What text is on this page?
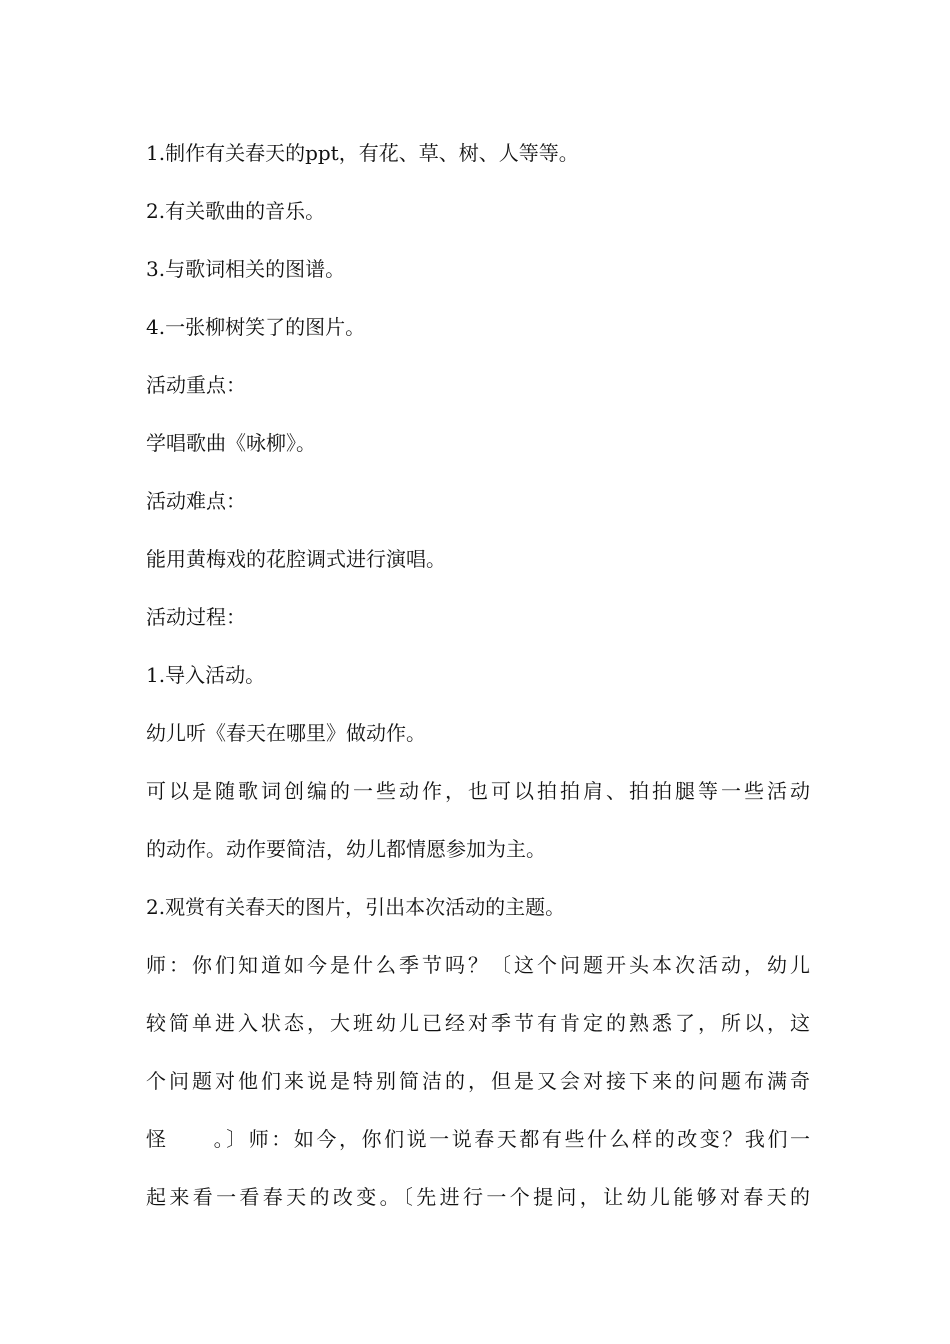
1.制作有关春天的ppt，有花、草、树、人等等。
2.有关歌曲的音乐。
3.与歌词相关的图谱。
4.一张柳树笑了的图片。
活动重点：
学唱歌曲《咏柳》。
活动难点：
能用黄梅戏的花腔调式进行演唱。
活动过程：
1.导入活动。
幼儿听《春天在哪里》做动作。
可以是随歌词创编的一些动作，也可以拍拍肩、拍拍腿等一些活动
的动作。动作要简洁，幼儿都情愿参加为主。
2.观赏有关春天的图片，引出本次活动的主题。
师：你们知道如今是什么季节吗？〔这个问题开头本次活动，幼儿
较简单进入状态，大班幼儿已经对季节有肯定的熟悉了，所以，这
个问题对他们来说是特别简洁的，但是又会对接下来的问题布满奇
怪　　。〕师：如今，你们说一说春天都有些什么样的改变？我们一
起来看一看春天的改变。〔先进行一个提问，让幼儿能够对春天的
